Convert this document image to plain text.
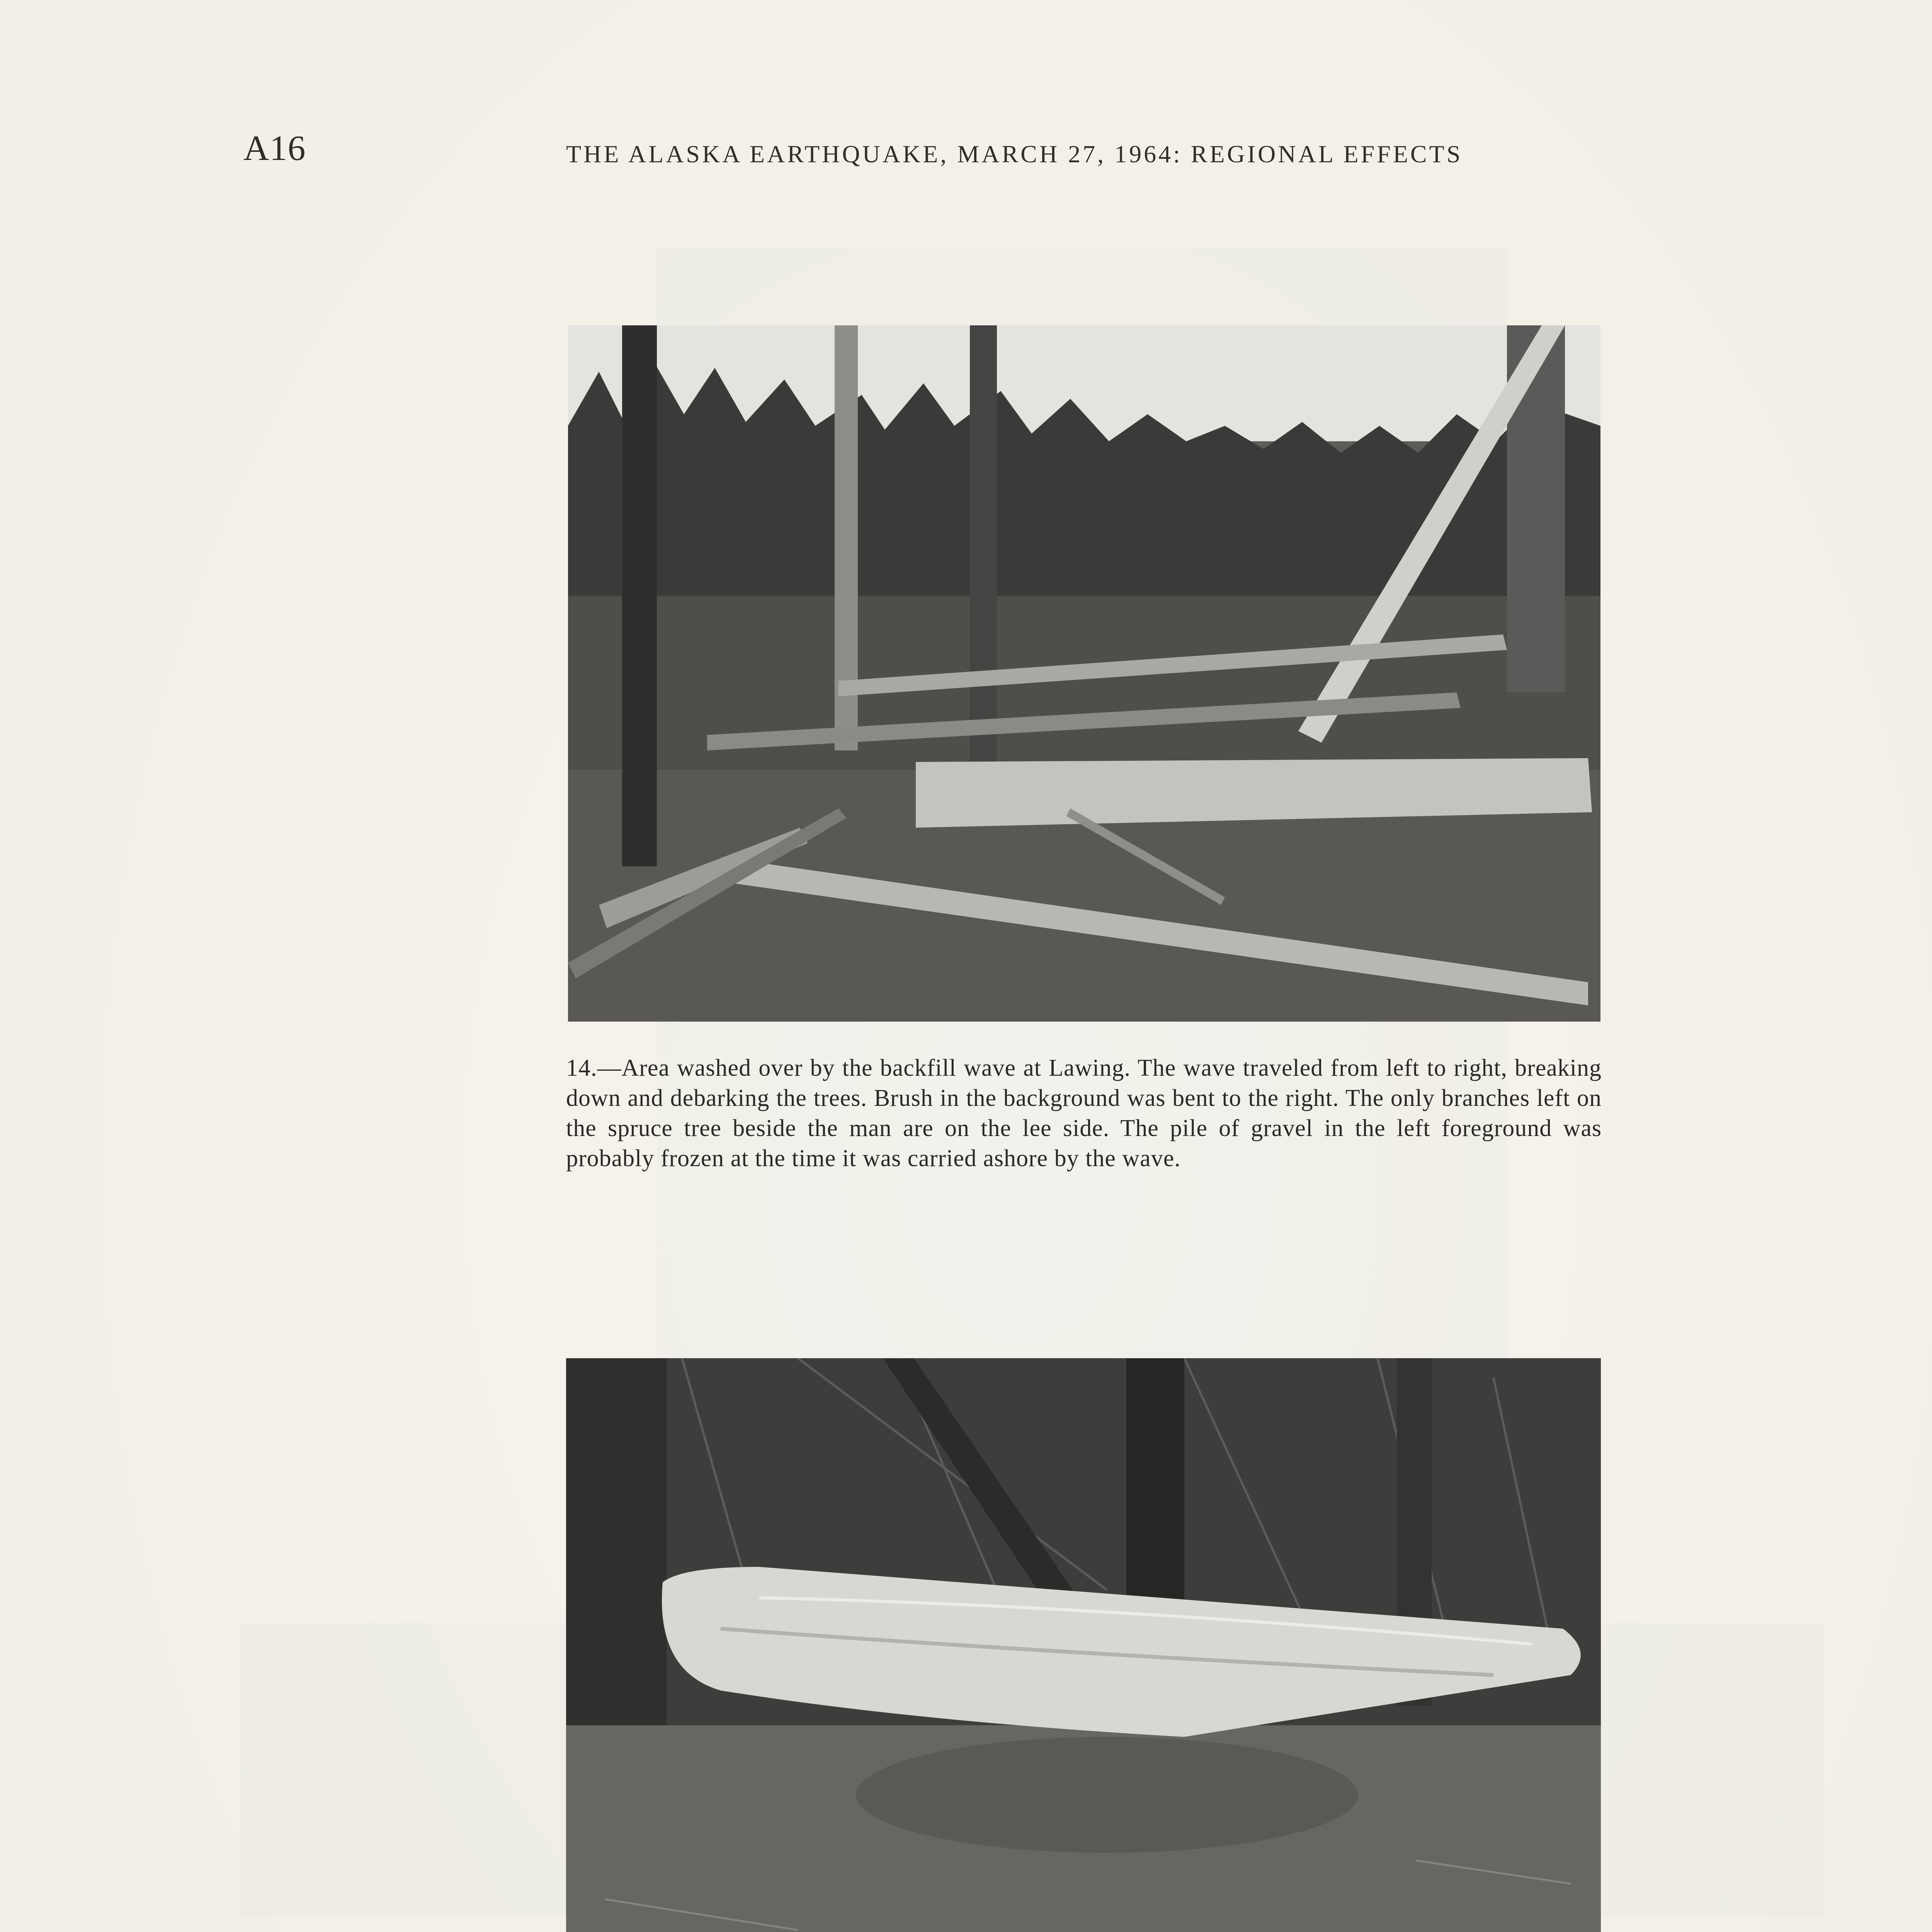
A16	THE ALASKA EARTHQUAKE, MARCH 27, 1964: REGIONAL EFFECTS
14.—Area washed over by the backfill wave at Lawing. The wave traveled from left to right, breaking down and debarking the trees. Brush in the background was bent to the right. The only branches left on the spruce tree beside the man are on the lee side. The pile of gravel in the left foreground was probably frozen at the time it was carried ashore by the wave.
